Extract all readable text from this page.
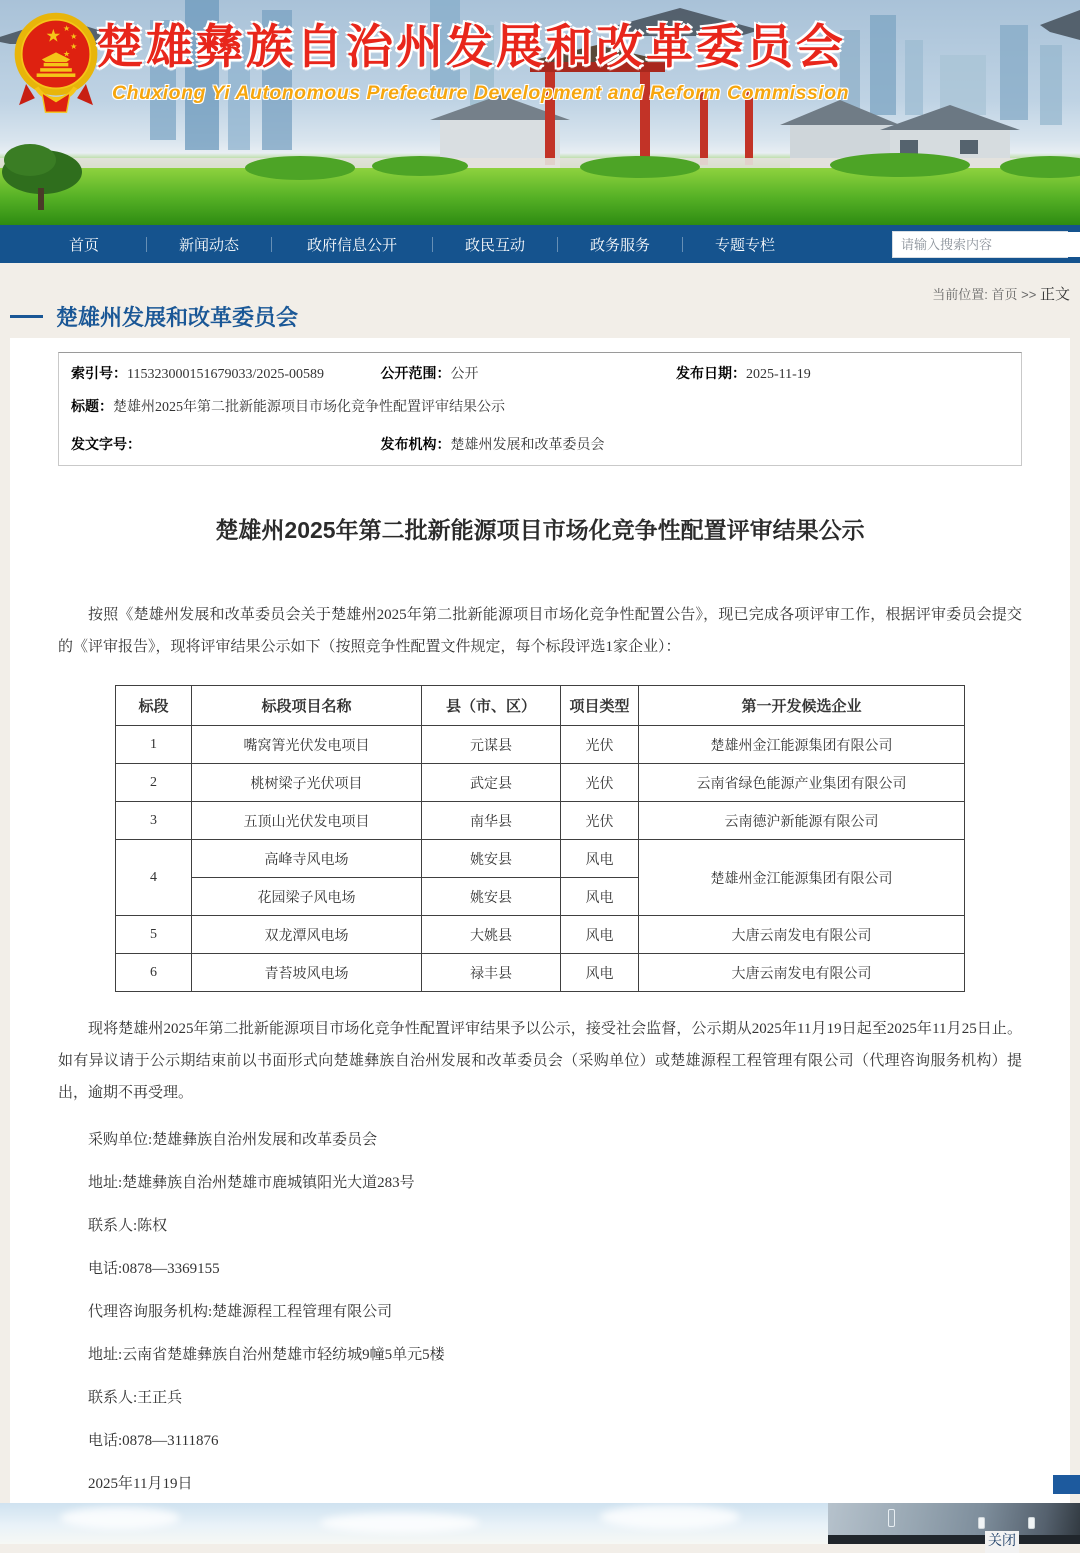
★ ★
★
★
★ 楚雄彝族自治州发展和改革委员会
Chuxiong Yi Autonomous Prefecture Development and Reform Commission
首页	新闻动态	政府信息公开	政民互动	政务服务	专题专栏
请输入搜索内容
当前位置: 首页 >> 正文
楚雄州发展和改革委员会
索引号： 115323000151679033/2025-00589	公开范围： 公开	发布日期： 2025-11-19
标题： 楚雄州2025年第二批新能源项目市场化竞争性配置评审结果公示
发文字号：	发布机构： 楚雄州发展和改革委员会
楚雄州2025年第二批新能源项目市场化竞争性配置评审结果公示

按照《楚雄州发展和改革委员会关于楚雄州2025年第二批新能源项目市场化竞争性配置公告》，现已完成各项评审工作，根据评审委员会提交的《评审报告》，现将评审结果公示如下（按照竞争性配置文件规定，每个标段评选1家企业）：

标段	标段项目名称	县（市、区）	项目类型	第一开发候选企业
1	嘴窝箐光伏发电项目	元谋县	光伏	楚雄州金江能源集团有限公司
2	桃树梁子光伏项目	武定县	光伏	云南省绿色能源产业集团有限公司
3	五顶山光伏发电项目	南华县	光伏	云南德沪新能源有限公司
4	高峰寺风电场	姚安县	风电	楚雄州金江能源集团有限公司
	花园梁子风电场	姚安县	风电	
5	双龙潭风电场	大姚县	风电	大唐云南发电有限公司
6	青苔坡风电场	禄丰县	风电	大唐云南发电有限公司

现将楚雄州2025年第二批新能源项目市场化竞争性配置评审结果予以公示，接受社会监督，公示期从2025年11月19日起至2025年11月25日止。如有异议请于公示期结束前以书面形式向楚雄彝族自治州发展和改革委员会（采购单位）或楚雄源程工程管理有限公司（代理咨询服务机构）提出，逾期不再受理。

采购单位:楚雄彝族自治州发展和改革委员会

地址:楚雄彝族自治州楚雄市鹿城镇阳光大道283号

联系人:陈权

电话:0878—3369155

代理咨询服务机构:楚雄源程工程管理有限公司

地址:云南省楚雄彝族自治州楚雄市轻纺城9幢5单元5楼

联系人:王正兵

电话:0878—3111876

2025年11月19日

关闭
